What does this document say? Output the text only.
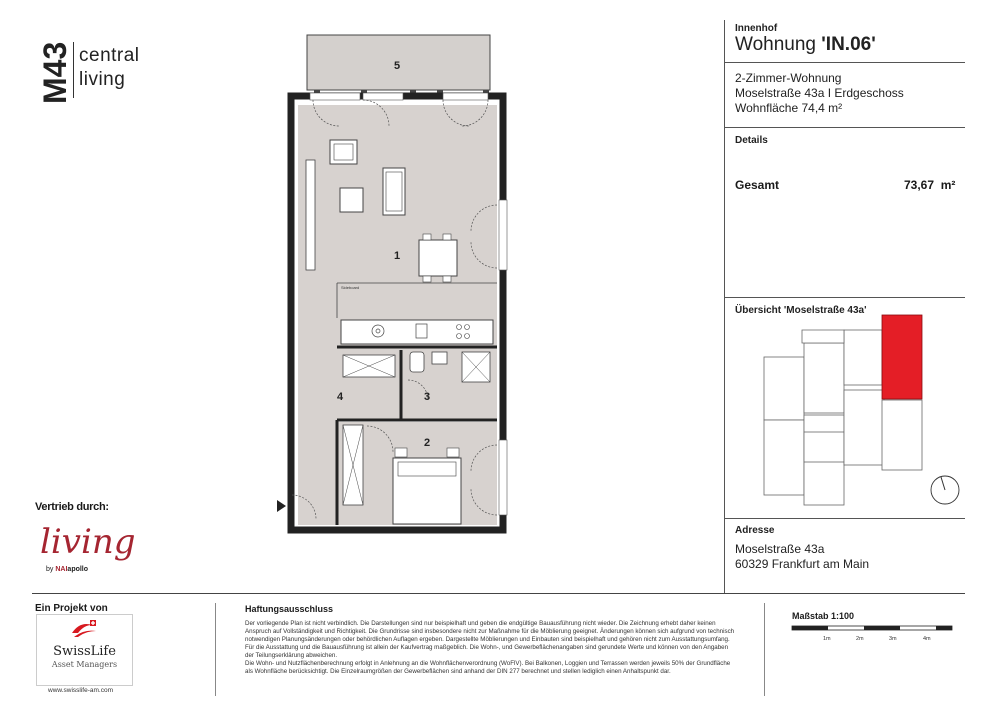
M43 central
living
Sideboard
5
1
4	3
2
Innenhof
Wohnung 'IN.06'
2-Zimmer-Wohnung
Moselstraße 43a I Erdgeschoss
Wohnfläche 74,4 m²
Details
Gesamt	73,67 m²
Übersicht 'Moselstraße 43a'
Adresse
Moselstraße 43a
60329 Frankfurt am Main
Vertrieb durch:
living
by NAIapollo
Ein Projekt von
SwissLife
Asset Managers
www.swisslife-am.com
Haftungsausschluss
Der vorliegende Plan ist nicht verbindlich. Die Darstellungen sind nur beispielhaft und geben die endgültige Bauausführung nicht wieder. Die Zeichnung erhebt daher keinen Anspruch auf Vollständigkeit und Richtigkeit. Die Grundrisse sind insbesondere nicht zur Maßnahme für die Möblierung geeignet. Änderungen können sich aufgrund von technisch notwendigen Planungsänderungen oder behördlichen Auflagen ergeben. Dargestellte Möblierungen und Einbauten sind beispielhaft und gehören nicht zum Ausstattungsumfang. Für die Ausstattung und die Bauausführung ist allein der Kaufvertrag maßgeblich. Die Wohn-, und Gewerbeflächenangaben sind gerundete Werte und können von den Angaben der Teilungserklärung abweichen.
Die Wohn- und Nutzflächenberechnung erfolgt in Anlehnung an die Wohnflächenverordnung (WoFlV). Bei Balkonen, Loggien und Terrassen werden jeweils 50% der Grundfläche als Wohnfläche berücksichtigt. Die Einzelraumgrößen der Gewerbeflächen sind anhand der DIN 277 berechnet und stellen lediglich einen Anhaltspunkt dar.
Maßstab 1:100
1m	2m	3m	4m
